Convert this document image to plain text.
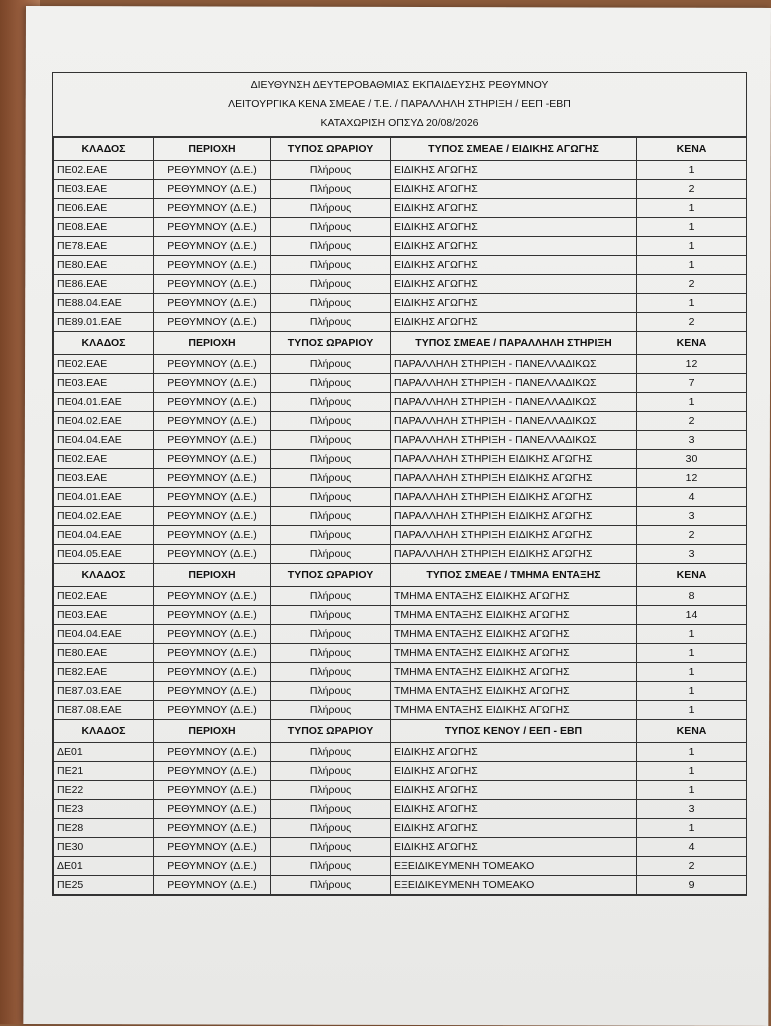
ΔΙΕΥΘΥΝΣΗ ΔΕΥΤΕΡΟΒΑΘΜΙΑΣ ΕΚΠΑΙΔΕΥΣΗΣ ΡΕΘΥΜΝΟΥ
ΛΕΙΤΟΥΡΓΙΚΑ ΚΕΝΑ ΣΜΕΑΕ / Τ.Ε. / ΠΑΡΑΛΛΗΛΗ ΣΤΗΡΙΞΗ / ΕΕΠ -ΕΒΠ
ΚΑΤΑΧΩΡΙΣΗ ΟΠΣΥΔ 20/08/2026
ΚΛΑΔΟΣ	ΠΕΡΙΟΧΗ	ΤΥΠΟΣ ΩΡΑΡΙΟΥ	ΤΥΠΟΣ ΣΜΕΑΕ / ΕΙΔΙΚΗΣ ΑΓΩΓΗΣ	ΚΕΝΑ
ΠΕ02.ΕΑΕ	ΡΕΘΥΜΝΟΥ (Δ.Ε.)	Πλήρους	ΕΙΔΙΚΗΣ ΑΓΩΓΗΣ	1
ΠΕ03.ΕΑΕ	ΡΕΘΥΜΝΟΥ (Δ.Ε.)	Πλήρους	ΕΙΔΙΚΗΣ ΑΓΩΓΗΣ	2
ΠΕ06.ΕΑΕ	ΡΕΘΥΜΝΟΥ (Δ.Ε.)	Πλήρους	ΕΙΔΙΚΗΣ ΑΓΩΓΗΣ	1
ΠΕ08.ΕΑΕ	ΡΕΘΥΜΝΟΥ (Δ.Ε.)	Πλήρους	ΕΙΔΙΚΗΣ ΑΓΩΓΗΣ	1
ΠΕ78.ΕΑΕ	ΡΕΘΥΜΝΟΥ (Δ.Ε.)	Πλήρους	ΕΙΔΙΚΗΣ ΑΓΩΓΗΣ	1
ΠΕ80.ΕΑΕ	ΡΕΘΥΜΝΟΥ (Δ.Ε.)	Πλήρους	ΕΙΔΙΚΗΣ ΑΓΩΓΗΣ	1
ΠΕ86.ΕΑΕ	ΡΕΘΥΜΝΟΥ (Δ.Ε.)	Πλήρους	ΕΙΔΙΚΗΣ ΑΓΩΓΗΣ	2
ΠΕ88.04.ΕΑΕ	ΡΕΘΥΜΝΟΥ (Δ.Ε.)	Πλήρους	ΕΙΔΙΚΗΣ ΑΓΩΓΗΣ	1
ΠΕ89.01.ΕΑΕ	ΡΕΘΥΜΝΟΥ (Δ.Ε.)	Πλήρους	ΕΙΔΙΚΗΣ ΑΓΩΓΗΣ	2
ΚΛΑΔΟΣ	ΠΕΡΙΟΧΗ	ΤΥΠΟΣ ΩΡΑΡΙΟΥ	ΤΥΠΟΣ ΣΜΕΑΕ / ΠΑΡΑΛΛΗΛΗ ΣΤΗΡΙΞΗ	ΚΕΝΑ
ΠΕ02.ΕΑΕ	ΡΕΘΥΜΝΟΥ (Δ.Ε.)	Πλήρους	ΠΑΡΑΛΛΗΛΗ ΣΤΗΡΙΞΗ - ΠΑΝΕΛΛΑΔΙΚΩΣ	12
ΠΕ03.ΕΑΕ	ΡΕΘΥΜΝΟΥ (Δ.Ε.)	Πλήρους	ΠΑΡΑΛΛΗΛΗ ΣΤΗΡΙΞΗ - ΠΑΝΕΛΛΑΔΙΚΩΣ	7
ΠΕ04.01.ΕΑΕ	ΡΕΘΥΜΝΟΥ (Δ.Ε.)	Πλήρους	ΠΑΡΑΛΛΗΛΗ ΣΤΗΡΙΞΗ - ΠΑΝΕΛΛΑΔΙΚΩΣ	1
ΠΕ04.02.ΕΑΕ	ΡΕΘΥΜΝΟΥ (Δ.Ε.)	Πλήρους	ΠΑΡΑΛΛΗΛΗ ΣΤΗΡΙΞΗ - ΠΑΝΕΛΛΑΔΙΚΩΣ	2
ΠΕ04.04.ΕΑΕ	ΡΕΘΥΜΝΟΥ (Δ.Ε.)	Πλήρους	ΠΑΡΑΛΛΗΛΗ ΣΤΗΡΙΞΗ - ΠΑΝΕΛΛΑΔΙΚΩΣ	3
ΠΕ02.ΕΑΕ	ΡΕΘΥΜΝΟΥ (Δ.Ε.)	Πλήρους	ΠΑΡΑΛΛΗΛΗ ΣΤΗΡΙΞΗ ΕΙΔΙΚΗΣ ΑΓΩΓΗΣ	30
ΠΕ03.ΕΑΕ	ΡΕΘΥΜΝΟΥ (Δ.Ε.)	Πλήρους	ΠΑΡΑΛΛΗΛΗ ΣΤΗΡΙΞΗ ΕΙΔΙΚΗΣ ΑΓΩΓΗΣ	12
ΠΕ04.01.ΕΑΕ	ΡΕΘΥΜΝΟΥ (Δ.Ε.)	Πλήρους	ΠΑΡΑΛΛΗΛΗ ΣΤΗΡΙΞΗ ΕΙΔΙΚΗΣ ΑΓΩΓΗΣ	4
ΠΕ04.02.ΕΑΕ	ΡΕΘΥΜΝΟΥ (Δ.Ε.)	Πλήρους	ΠΑΡΑΛΛΗΛΗ ΣΤΗΡΙΞΗ ΕΙΔΙΚΗΣ ΑΓΩΓΗΣ	3
ΠΕ04.04.ΕΑΕ	ΡΕΘΥΜΝΟΥ (Δ.Ε.)	Πλήρους	ΠΑΡΑΛΛΗΛΗ ΣΤΗΡΙΞΗ ΕΙΔΙΚΗΣ ΑΓΩΓΗΣ	2
ΠΕ04.05.ΕΑΕ	ΡΕΘΥΜΝΟΥ (Δ.Ε.)	Πλήρους	ΠΑΡΑΛΛΗΛΗ ΣΤΗΡΙΞΗ ΕΙΔΙΚΗΣ ΑΓΩΓΗΣ	3
ΚΛΑΔΟΣ	ΠΕΡΙΟΧΗ	ΤΥΠΟΣ ΩΡΑΡΙΟΥ	ΤΥΠΟΣ ΣΜΕΑΕ / ΤΜΗΜΑ ΕΝΤΑΞΗΣ	ΚΕΝΑ
ΠΕ02.ΕΑΕ	ΡΕΘΥΜΝΟΥ (Δ.Ε.)	Πλήρους	ΤΜΗΜΑ ΕΝΤΑΞΗΣ ΕΙΔΙΚΗΣ ΑΓΩΓΗΣ	8
ΠΕ03.ΕΑΕ	ΡΕΘΥΜΝΟΥ (Δ.Ε.)	Πλήρους	ΤΜΗΜΑ ΕΝΤΑΞΗΣ ΕΙΔΙΚΗΣ ΑΓΩΓΗΣ	14
ΠΕ04.04.ΕΑΕ	ΡΕΘΥΜΝΟΥ (Δ.Ε.)	Πλήρους	ΤΜΗΜΑ ΕΝΤΑΞΗΣ ΕΙΔΙΚΗΣ ΑΓΩΓΗΣ	1
ΠΕ80.ΕΑΕ	ΡΕΘΥΜΝΟΥ (Δ.Ε.)	Πλήρους	ΤΜΗΜΑ ΕΝΤΑΞΗΣ ΕΙΔΙΚΗΣ ΑΓΩΓΗΣ	1
ΠΕ82.ΕΑΕ	ΡΕΘΥΜΝΟΥ (Δ.Ε.)	Πλήρους	ΤΜΗΜΑ ΕΝΤΑΞΗΣ ΕΙΔΙΚΗΣ ΑΓΩΓΗΣ	1
ΠΕ87.03.ΕΑΕ	ΡΕΘΥΜΝΟΥ (Δ.Ε.)	Πλήρους	ΤΜΗΜΑ ΕΝΤΑΞΗΣ ΕΙΔΙΚΗΣ ΑΓΩΓΗΣ	1
ΠΕ87.08.ΕΑΕ	ΡΕΘΥΜΝΟΥ (Δ.Ε.)	Πλήρους	ΤΜΗΜΑ ΕΝΤΑΞΗΣ ΕΙΔΙΚΗΣ ΑΓΩΓΗΣ	1
ΚΛΑΔΟΣ	ΠΕΡΙΟΧΗ	ΤΥΠΟΣ ΩΡΑΡΙΟΥ	ΤΥΠΟΣ ΚΕΝΟΥ / ΕΕΠ - ΕΒΠ	ΚΕΝΑ
ΔΕ01	ΡΕΘΥΜΝΟΥ (Δ.Ε.)	Πλήρους	ΕΙΔΙΚΗΣ ΑΓΩΓΗΣ	1
ΠΕ21	ΡΕΘΥΜΝΟΥ (Δ.Ε.)	Πλήρους	ΕΙΔΙΚΗΣ ΑΓΩΓΗΣ	1
ΠΕ22	ΡΕΘΥΜΝΟΥ (Δ.Ε.)	Πλήρους	ΕΙΔΙΚΗΣ ΑΓΩΓΗΣ	1
ΠΕ23	ΡΕΘΥΜΝΟΥ (Δ.Ε.)	Πλήρους	ΕΙΔΙΚΗΣ ΑΓΩΓΗΣ	3
ΠΕ28	ΡΕΘΥΜΝΟΥ (Δ.Ε.)	Πλήρους	ΕΙΔΙΚΗΣ ΑΓΩΓΗΣ	1
ΠΕ30	ΡΕΘΥΜΝΟΥ (Δ.Ε.)	Πλήρους	ΕΙΔΙΚΗΣ ΑΓΩΓΗΣ	4
ΔΕ01	ΡΕΘΥΜΝΟΥ (Δ.Ε.)	Πλήρους	ΕΞΕΙΔΙΚΕΥΜΕΝΗ ΤΟΜΕΑΚΟ	2
ΠΕ25	ΡΕΘΥΜΝΟΥ (Δ.Ε.)	Πλήρους	ΕΞΕΙΔΙΚΕΥΜΕΝΗ ΤΟΜΕΑΚΟ	9
